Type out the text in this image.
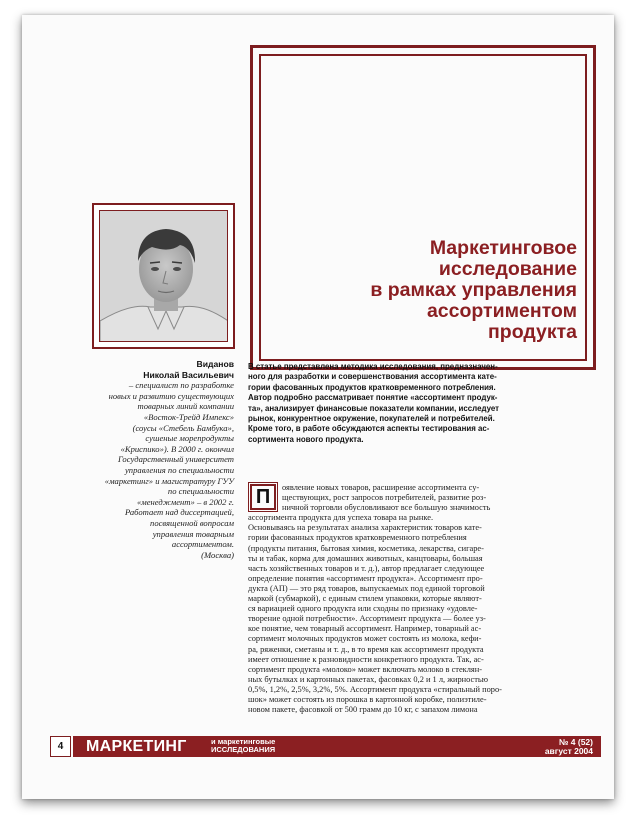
Маркетинговое
исследование
в рамках управления
ассортиментом
продукта
Виданов
Николай Васильевич
– специалист по разработке
новых и развитию существующих
товарных линий компании
«Восток-Трейд Импекс»
(соусы «Стебель Бамбука»,
сушеные морепродукты
«Криспико»). В 2000 г. окончил
Государственный университет
управления по специальности
«маркетинг» и магистратуру ГУУ
по специальности
«менеджмент» – в 2002 г.
Работает над диссертацией,
посвященной вопросам
управления товарным
ассортиментом.
(Москва)

В статье представлена методика исследования, предназначен-
ного для разработки и совершенствования ассортимента кате-
гории фасованных продуктов кратковременного потребления.
Автор подробно рассматривает понятие «ассортимент продук-
та», анализирует финансовые показатели компании, исследует
рынок, конкурентное окружение, покупателей и потребителей.
Кроме того, в работе обсуждаются аспекты тестирования ас-
сортимента нового продукта.

П	оявление новых товаров, расширение ассортимента су-
ществующих, рост запросов потребителей, развитие роз-
ничной торговли обусловливают все большую значимость
ассортимента продукта для успеха товара на рынке.
Основываясь на результатах анализа характеристик товаров кате-
гории фасованных продуктов кратковременного потребления
(продукты питания, бытовая химия, косметика, лекарства, сигаре-
ты и табак, корма для домашних животных, канцтовары, большая
часть хозяйственных товаров и т. д.), автор предлагает следующее
определение понятия «ассортимент продукта». Ассортимент про-
дукта (АП) — это ряд товаров, выпускаемых под единой торговой
маркой (субмаркой), с единым стилем упаковки, которые являют-
ся вариацией одного продукта или сходны по признаку «удовле-
творение одной потребности». Ассортимент продукта — более уз-
кое понятие, чем товарный ассортимент. Например, товарный ас-
сортимент молочных продуктов может состоять из молока, кефи-
ра, ряженки, сметаны и т. д., в то время как ассортимент продукта
имеет отношение к разновидности конкретного продукта. Так, ас-
сортимент продукта «молоко» может включать молоко в стеклян-
ных бутылках и картонных пакетах, фасовках 0,2 и 1 л, жирностью
0,5%, 1,2%, 2,5%, 3,2%, 5%. Ассортимент продукта «стиральный поро-
шок» может состоять из порошка в картонной коробке, полиэтиле-
новом пакете, фасовкой от 500 грамм до 10 кг, с запахом лимона
4	МАРКЕТИНГ	и маркетинговые
ИССЛЕДОВАНИЯ
№ 4 (52)
август 2004
